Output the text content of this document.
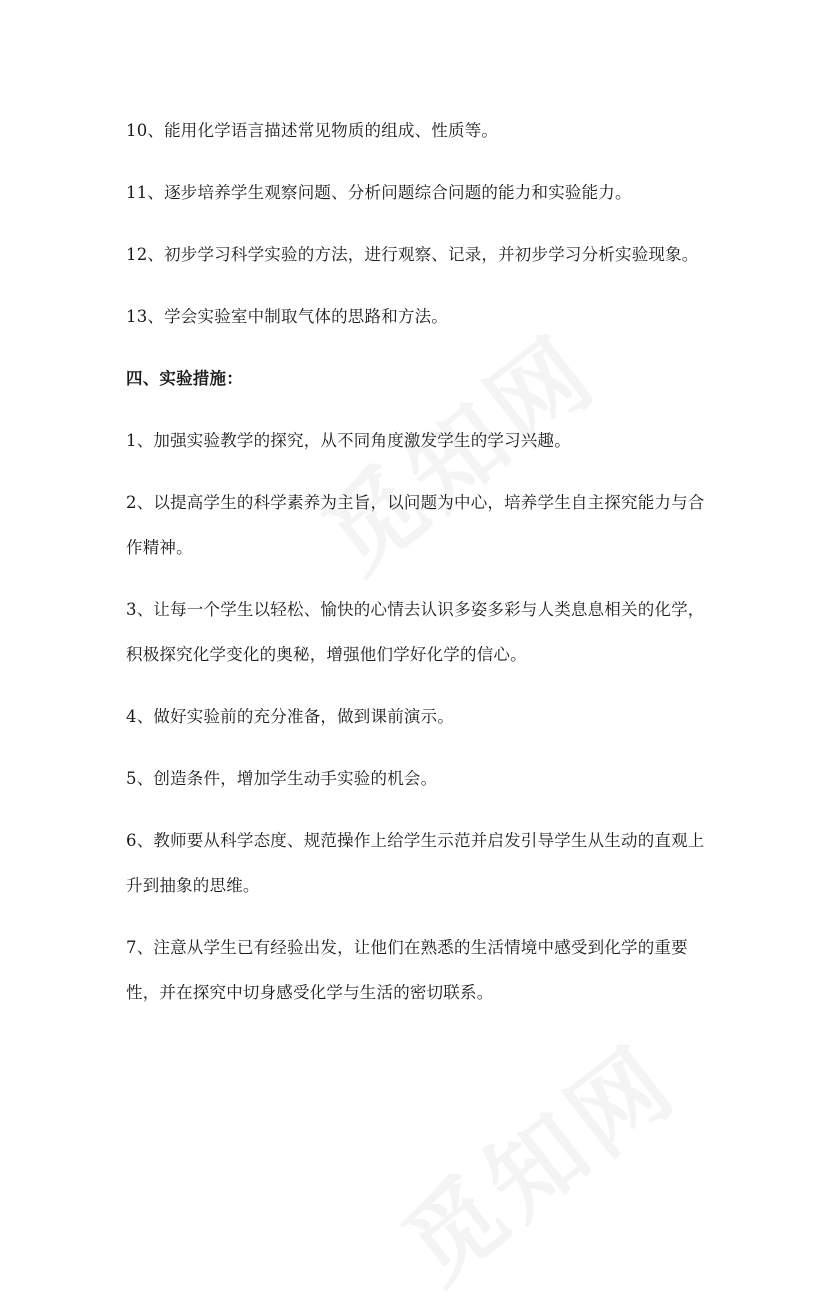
10、能用化学语言描述常见物质的组成、性质等。

11、逐步培养学生观察问题、分析问题综合问题的能力和实验能力。

12、初步学习科学实验的方法，进行观察、记录，并初步学习分析实验现象。

13、学会实验室中制取气体的思路和方法。

四、实验措施：

1、加强实验教学的探究，从不同角度激发学生的学习兴趣。

2、以提高学生的科学素养为主旨，以问题为中心，培养学生自主探究能力与合作精神。

3、让每一个学生以轻松、愉快的心情去认识多姿多彩与人类息息相关的化学，积极探究化学变化的奥秘，增强他们学好化学的信心。

4、做好实验前的充分准备，做到课前演示。

5、创造条件，增加学生动手实验的机会。

6、教师要从科学态度、规范操作上给学生示范并启发引导学生从生动的直观上升到抽象的思维。

7、注意从学生已有经验出发，让他们在熟悉的生活情境中感受到化学的重要性，并在探究中切身感受化学与生活的密切联系。
